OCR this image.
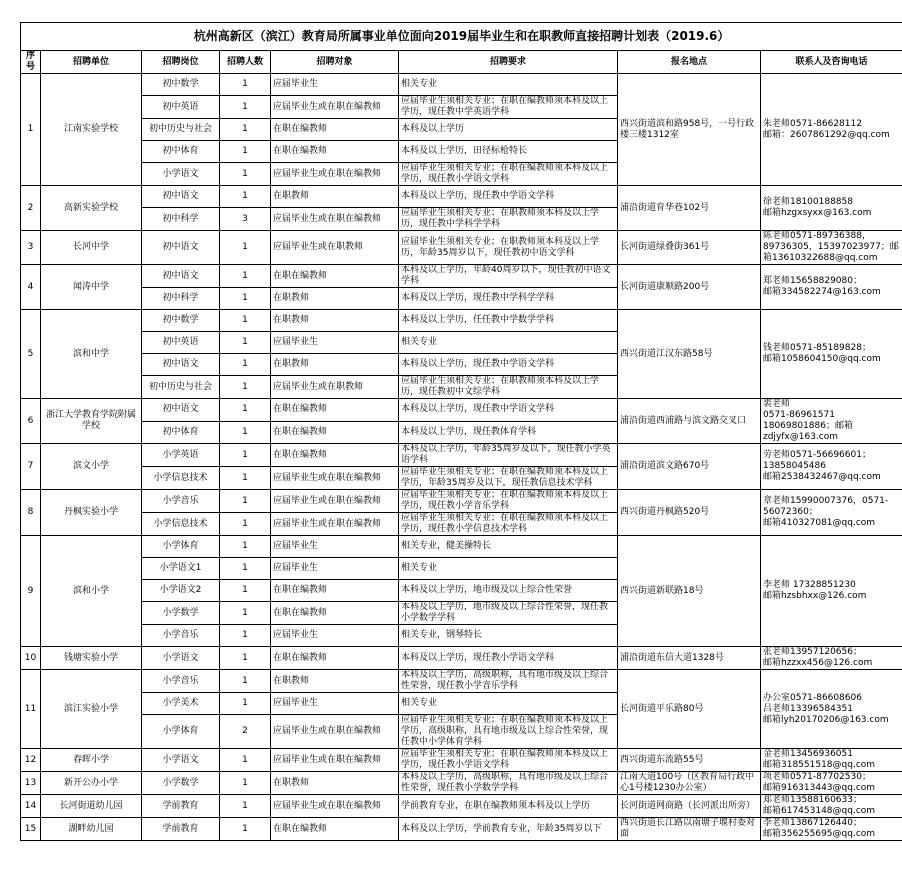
杭州高新区（滨江）教育局所属事业单位面向2019届毕业生和在职教师直接招聘计划表（2019.6）							
序号	招聘单位	招聘岗位	招聘人数	招聘对象	招聘要求	报名地点	联系人及咨询电话
1	江南实验学校	初中数学	1	应届毕业生	相关专业	西兴街道滨和路958号，一号行政楼三楼1312室	朱老师0571-86628112
邮箱：2607861292@qq.com
		初中英语	1	应届毕业生或在职在编教师	应届毕业生须相关专业；在职在编教师须本科及以上学历，现任教中学英语学科		
		初中历史与社会	1	在职在编教师	本科及以上学历		
		初中体育	1	在职在编教师	本科及以上学历，田径标枪特长		
		小学语文	1	应届毕业生或在职在编教师	应届毕业生须相关专业；在职在编教师须本科及以上学历，现任教小学语文学科		
2	高新实验学校	初中语文	1	在职教师	本科及以上学历，现任教中学语文学科	浦沿街道育华巷102号	徐老师18100188858
邮箱hzgxsyxx@163.com
		初中科学	3	应届毕业生或在职在编教师	应届毕业生须相关专业；在职教师须本科及以上学历，现任教中学科学学科		
3	长河中学	初中语文	1	应届毕业生或在职教师	应届毕业生须相关专业；在职教师须本科及以上学历，年龄35周岁以下，现任教初中语文学科	长河街道绿叠街361号	陈老师0571-89736388，89736305，15397023977；邮箱13610322688@qq.com
4	闻涛中学	初中语文	1	在职在编教师	本科及以上学历，年龄40周岁以下，现任教初中语文学科	长河街道康顺路200号	郑老师15658829080；
邮箱334582274@163.com
		初中科学	1	在职教师	本科及以上学历，现任教中学科学学科		
5	滨和中学	初中数学	1	在职教师	本科及以上学历，任任教中学数学学科	西兴街道江汉东路58号	钱老师0571-85189828；
邮箱1058604150@qq.com
		初中英语	1	应届毕业生	相关专业		
		初中语文	1	在职教师	本科及以上学历，现任教中学语文学科		
		初中历史与社会	1	应届毕业生或在职教师	应届毕业生须相关专业；在职教师须本科及以上学历，现任教初中文综学科		
6	浙江大学教育学院附属学校	初中语文	1	在职在编教师	本科及以上学历，现任教中学语文学科	浦沿街道西浦路与滨文路交叉口	裘老师
0571-86961571
18069801886；邮箱zdjyfx@163.com
		初中体育	1	在职在编教师	本科及以上学历，现任教体育学科		
7	滨文小学	小学英语	1	在职在编教师	本科及以上学历，年龄35周岁及以下，现任教小学英语学科	浦沿街道滨文路670号	劳老师0571-56696601；13858045486
邮箱2538432467@qq.com
		小学信息技术	1	应届毕业生或在职在编教师	应届毕业生须相关专业；在职在编教师须本科及以上学历，年龄35周岁及以下，现任教信息技术学科		
8	丹枫实验小学	小学音乐	1	应届毕业生或在职在编教师	应届毕业生须相关专业；在职在编教师须本科及以上学历，现任教小学音乐学科	西兴街道丹枫路520号	章老师15990007376，0571-56072360；
邮箱410327081@qq.com
		小学信息技术	1	应届毕业生或在职在编教师	应届毕业生须相关专业；在职在编教师须本科及以上学历，现任教小学信息技术学科		
9	滨和小学	小学体育	1	应届毕业生	相关专业，健美操特长	西兴街道新联路18号	李老师 17328851230
邮箱hzsbhxx@126.com
		小学语文1	1	应届毕业生	相关专业		
		小学语文2	1	在职在编教师	本科及以上学历，地市级及以上综合性荣誉		
		小学数学	1	在职在编教师	本科及以上学历，地市级及以上综合性荣誉，现任教小学数学学科		
		小学音乐	1	应届毕业生	相关专业，钢琴特长		
10	钱塘实验小学	小学语文	1	在职在编教师	本科及以上学历，现任教小学语文学科	浦沿街道东信大道1328号	张老师13957120656；
邮箱hzzxx456@126.com
11	滨江实验小学	小学音乐	1	在职教师	本科及以上学历，高级职称，具有地市级及以上综合性荣誉，现任教小学音乐学科	长河街道平乐路80号	办公室0571-86608606
吕老师13396584351
邮箱lyh20170206@163.com
		小学美术	1	应届毕业生	相关专业		
		小学体育	2	应届毕业生或在职在编教师	应届毕业生须相关专业；在职在编教师须本科及以上学历，高级职称，具有地市级及以上综合性荣誉，现任教中小学体育学科		
12	春晖小学	小学语文	1	应届毕业生或在职在编教师	应届毕业生须相关专业；在职在编教师须本科及以上学历，现任教小学语文学科	西兴街道东流路55号	金老师13456936051
邮箱318551518@qq.com
13	新开公办小学	小学数学	1	在职教师	本科及以上学历，高级职称，具有地市级及以上综合性荣誉，现任教小学数学学科	江南大道100号（区教育局行政中心1号楼1230办公室）	项老师0571-87702530；
邮箱916313443@qq.com
14	长河街道幼儿园	学前教育	1	应届毕业生或在职在编教师	学前教育专业，在职在编教师须本科及以上学历	长河街道网商路（长河派出所旁）	郑老师13588160633；
邮箱617453148@qq.com
15	湖畔幼儿园	学前教育	1	在职在编教师	本科及以上学历，学前教育专业，年龄35周岁以下	西兴街道长江路以南塘子堰村委对面	李老师13867126440；
邮箱356255695@qq.com
